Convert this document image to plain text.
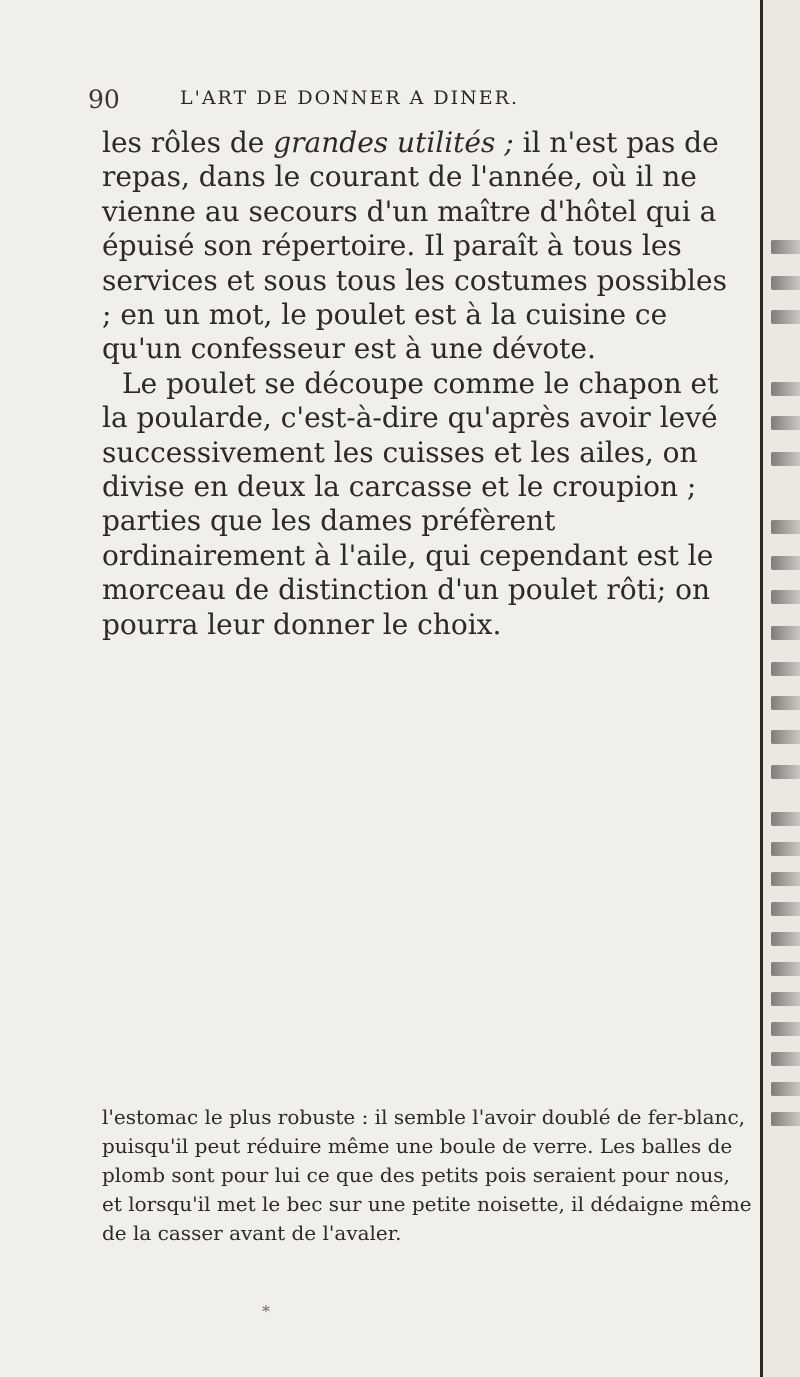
90	L'ART DE DONNER A DINER.

les rôles de grandes utilités ; il n'est pas de repas, dans le courant de l'année, où il ne vienne au secours d'un maître d'hôtel qui a épuisé son répertoire. Il paraît à tous les services et sous tous les costumes possibles ; en un mot, le poulet est à la cuisine ce qu'un confesseur est à une dévote.

Le poulet se découpe comme le chapon et la poularde, c'est-à-dire qu'après avoir levé successivement les cuisses et les ailes, on divise en deux la carcasse et le croupion ; parties que les dames préfèrent ordinairement à l'aile, qui cependant est le morceau de distinction d'un poulet rôti; on pourra leur donner le choix.

l'estomac le plus robuste : il semble l'avoir doublé de fer-blanc, puisqu'il peut réduire même une boule de verre. Les balles de plomb sont pour lui ce que des petits pois seraient pour nous, et lorsqu'il met le bec sur une petite noisette, il dédaigne même de la casser avant de l'avaler.

*
